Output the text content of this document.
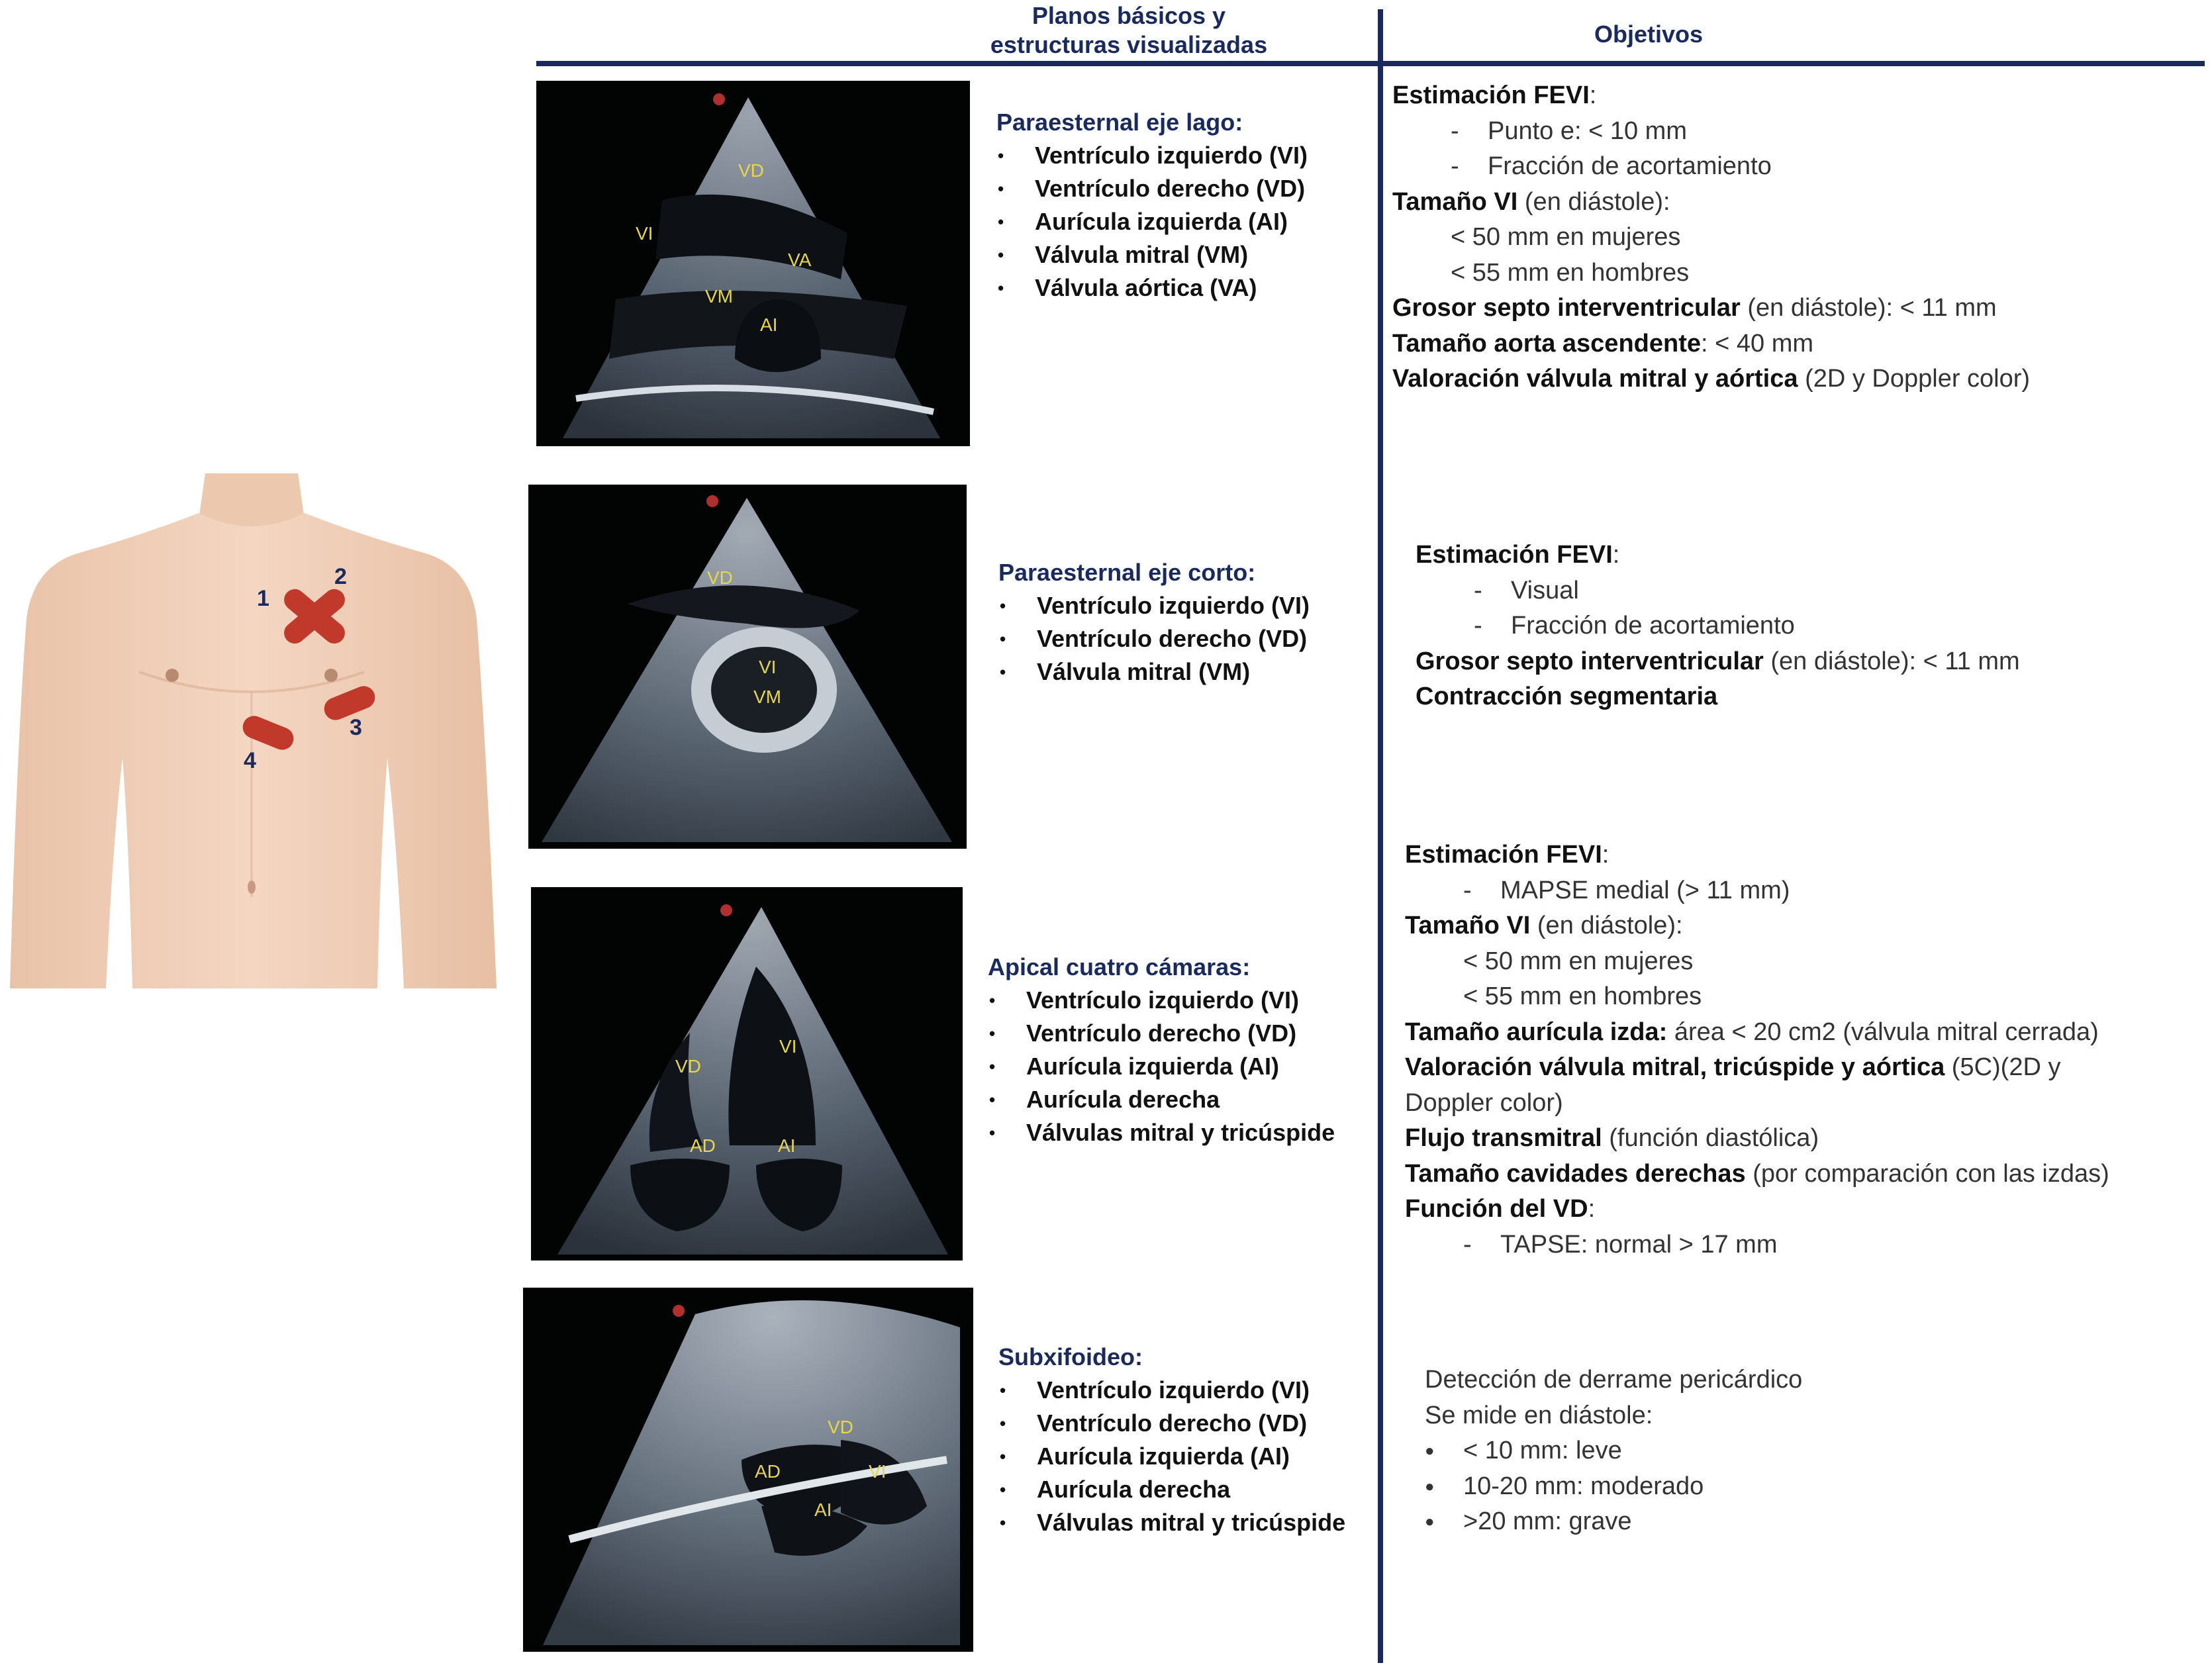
Planos básicos y
estructuras visualizadas	Objetivos
1
2
3
4
VD
VI
VA
VM
AI
Paraesternal eje lago:
• Ventrículo izquierdo (VI)
• Ventrículo derecho (VD)
• Aurícula izquierda (AI)
• Válvula mitral (VM)
• Válvula aórtica (VA)
Estimación FEVI:
- Punto e: < 10 mm
- Fracción de acortamiento
Tamaño VI (en diástole):
< 50 mm en mujeres
< 55 mm en hombres
Grosor septo interventricular (en diástole): < 11 mm
Tamaño aorta ascendente: < 40 mm
Valoración válvula mitral y aórtica (2D y Doppler color)
VD
VI
VM
Paraesternal eje corto:
• Ventrículo izquierdo (VI)
• Ventrículo derecho (VD)
• Válvula mitral (VM)
Estimación FEVI:
- Visual
- Fracción de acortamiento
Grosor septo interventricular (en diástole): < 11 mm
Contracción segmentaria
VD
VI
AD	AI
Apical cuatro cámaras:
• Ventrículo izquierdo (VI)
• Ventrículo derecho (VD)
• Aurícula izquierda (AI)
• Aurícula derecha
• Válvulas mitral y tricúspide
Estimación FEVI:
- MAPSE medial (> 11 mm)
Tamaño VI (en diástole):
< 50 mm en mujeres
< 55 mm en hombres
Tamaño aurícula izda: área < 20 cm2 (válvula mitral cerrada)
Valoración válvula mitral, tricúspide y aórtica (5C)(2D y
Doppler color)
Flujo transmitral (función diastólica)
Tamaño cavidades derechas (por comparación con las izdas)
Función del VD:
- TAPSE: normal > 17 mm
VD
AD	VI
AI
Subxifoideo:
• Ventrículo izquierdo (VI)
• Ventrículo derecho (VD)
• Aurícula izquierda (AI)
• Aurícula derecha
• Válvulas mitral y tricúspide
Detección de derrame pericárdico
Se mide en diástole:
● < 10 mm: leve
● 10-20 mm: moderado
● >20 mm: grave
